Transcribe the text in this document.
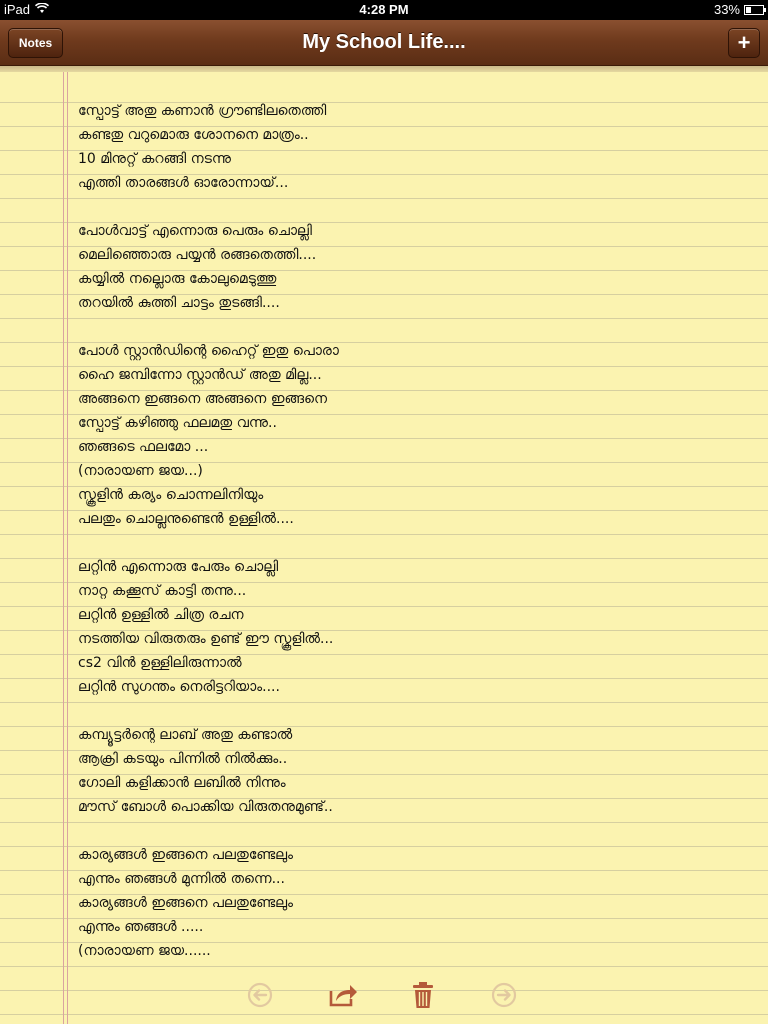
iPad	4:28 PM	33%
Notes	My School Life....	+
സ്പോട്ട് അതു കണാൻ ഗ്രൗണ്ടിലതെത്തി
കണ്ടതു വറുമൊരു ശോനനെ മാത്രം..
10 മിനുറ്റ് കറങ്ങി നടന്നു
എത്തി താരങ്ങൾ ഓരോന്നായ്...

പോൾവാട്ട് എന്നൊരു പെരും ചൊല്ലി
മെലിഞ്ഞൊരു പയ്യൻ രങ്ങതെത്തി....
കയ്യിൽ നല്ലൊരു കോലുമെടുത്തു
തറയിൽ കുത്തി ചാട്ടം തുടങ്ങി....

പോൾ സ്റ്റാൻഡിന്റെ ഹൈറ്റ് ഇതു പൊരാ
ഹൈ ജമ്പിന്നോ സ്റ്റാൻഡ് അതു മില്ല...
അങ്ങനെ ഇങ്ങനെ അങ്ങനെ ഇങ്ങനെ
സ്പോട്ട് കഴിഞ്ഞു ഫലമതു വന്നു..
ഞങ്ങടെ ഫലമോ ...
(നാരായണ ജയ...)
സ്കൂളിൻ കര്യം ചൊന്നലിനിയും
പലതും ചൊല്ലനുണ്ടെൻ ഉള്ളിൽ....

ലറ്റിൻ എന്നൊരു പേരും ചൊല്ലി
നാറ്റ കക്കൂസ് കാട്ടി തന്നു...
ലറ്റിൻ ഉള്ളിൽ ചിത്ര രചന
നടത്തിയ വിരുതരും ഉണ്ട് ഈ സ്കൂളിൽ...
cs2 വിൻ ഉള്ളിലിരുന്നാൽ
ലറ്റിൻ സുഗന്തം നെരിട്ടറിയാം....

കമ്പ്യൂട്ടർന്റെ ലാബ് അതു കണ്ടാൽ
ആക്രി കടയും പിന്നിൽ നിൽക്കും..
ഗോലി കളിക്കാൻ ലബിൽ നിന്നും
മൗസ് ബോൾ പൊക്കിയ വിരുതനുമുണ്ട്..

കാര്യങ്ങൾ ഇങ്ങനെ പലതുണ്ടേലും
എന്നും ഞങ്ങൾ മുന്നിൽ തന്നെ...
കാര്യങ്ങൾ ഇങ്ങനെ പലതുണ്ടേലും
എന്നും ഞങ്ങൾ .....
(നാരായണ ജയ......
